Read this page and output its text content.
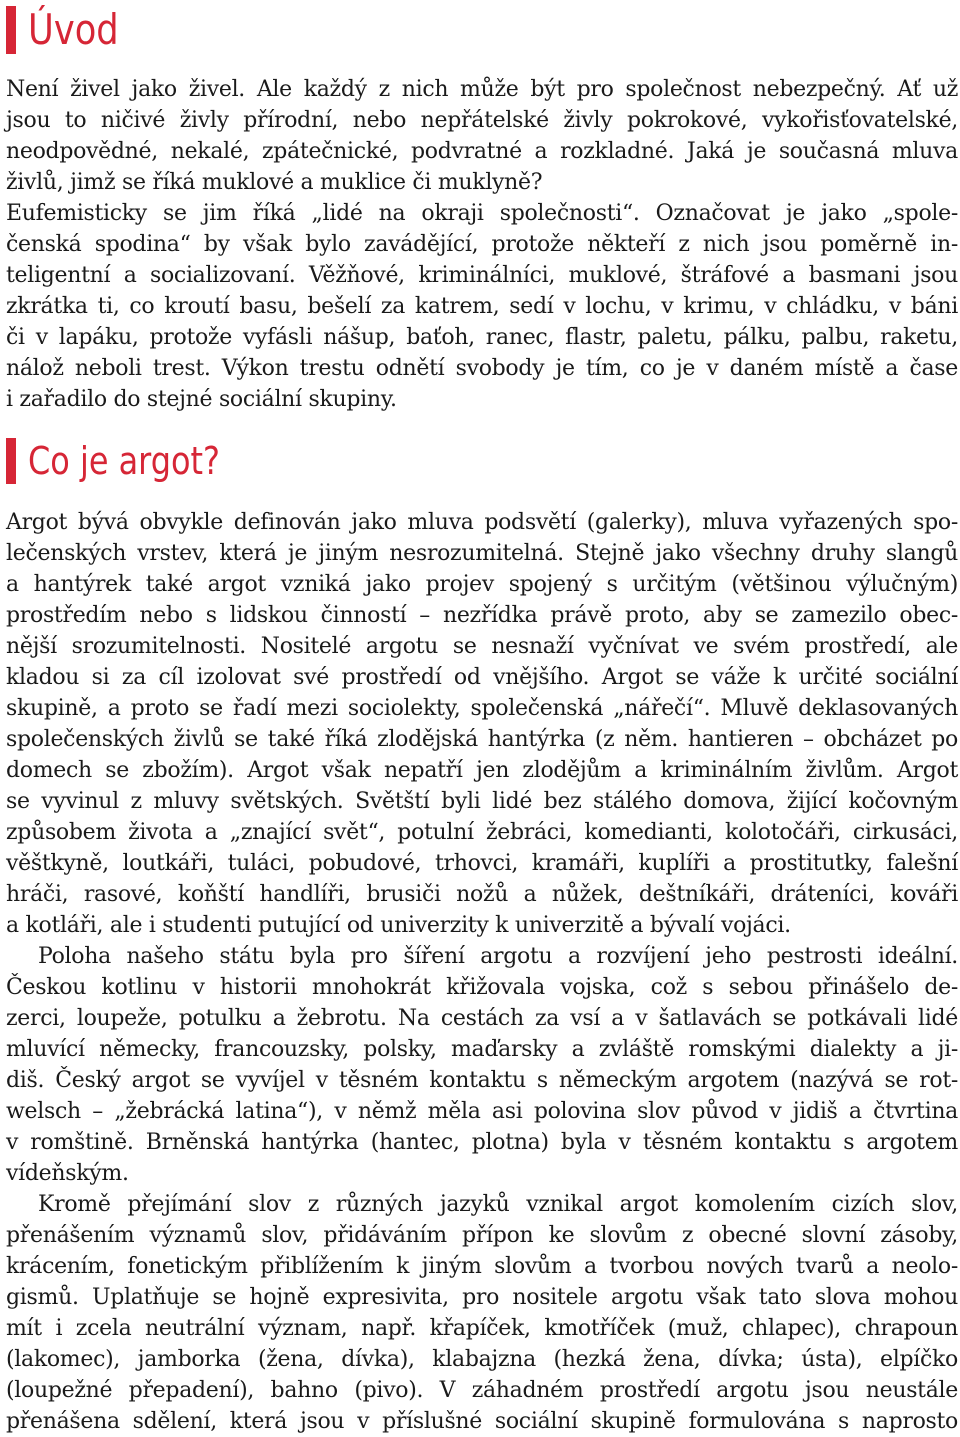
Úvod
Není živel jako živel. Ale každý z nich může být pro společnost nebezpečný. Ať už
jsou to ničivé živly přírodní, nebo nepřátelské živly pokrokové, vykořisťovatelské,
neodpovědné, nekalé, zpátečnické, podvratné a rozkladné. Jaká je současná mluva
živlů, jimž se říká muklové a muklice či muklyně?
Eufemisticky se jim říká „lidé na okraji společnosti“. Označovat je jako „spole-
čenská spodina“ by však bylo zavádějící, protože někteří z nich jsou poměrně in-
teligentní a socializovaní. Věžňové, kriminálníci, muklové, štráfové a basmani jsou
zkrátka ti, co kroutí basu, bešelí za katrem, sedí v lochu, v krimu, v chládku, v báni
či v lapáku, protože vyfásli nášup, baťoh, ranec, flastr, paletu, pálku, palbu, raketu,
nálož neboli trest. Výkon trestu odnětí svobody je tím, co je v daném místě a čase
i zařadilo do stejné sociální skupiny.
Co je argot?
Argot bývá obvykle definován jako mluva podsvětí (galerky), mluva vyřazených spo-
lečenských vrstev, která je jiným nesrozumitelná. Stejně jako všechny druhy slangů
a hantýrek také argot vzniká jako projev spojený s určitým (většinou výlučným)
prostředím nebo s lidskou činností – nezřídka právě proto, aby se zamezilo obec-
nější srozumitelnosti. Nositelé argotu se nesnaží vyčnívat ve svém prostředí, ale
kladou si za cíl izolovat své prostředí od vnějšího. Argot se váže k určité sociální
skupině, a proto se řadí mezi sociolekty, společenská „nářečí“. Mluvě deklasovaných
společenských živlů se také říká zlodějská hantýrka (z něm. hantieren – obcházet po
domech se zbožím). Argot však nepatří jen zlodějům a kriminálním živlům. Argot
se vyvinul z mluvy světských. Světští byli lidé bez stálého domova, žijící kočovným
způsobem života a „znající svět“, potulní žebráci, komedianti, kolotočáři, cirkusáci,
věštkyně, loutkáři, tuláci, pobudové, trhovci, kramáři, kuplíři a prostitutky, falešní
hráči, rasové, koňští handlíři, brusiči nožů a nůžek, deštníkáři, dráteníci, kováři
a kotláři, ale i studenti putující od univerzity k univerzitě a bývalí vojáci.
Poloha našeho státu byla pro šíření argotu a rozvíjení jeho pestrosti ideální.
Českou kotlinu v historii mnohokrát křižovala vojska, což s sebou přinášelo de-
zerci, loupeže, potulku a žebrotu. Na cestách za vsí a v šatlavách se potkávali lidé
mluvící německy, francouzsky, polsky, maďarsky a zvláště romskými dialekty a ji-
diš. Český argot se vyvíjel v těsném kontaktu s německým argotem (nazývá se rot-
welsch – „žebrácká latina“), v němž měla asi polovina slov původ v jidiš a čtvrtina
v romštině. Brněnská hantýrka (hantec, plotna) byla v těsném kontaktu s argotem
vídeňským.
Kromě přejímání slov z různých jazyků vznikal argot komolením cizích slov,
přenášením významů slov, přidáváním přípon ke slovům z obecné slovní zásoby,
krácením, fonetickým přiblížením k jiným slovům a tvorbou nových tvarů a neolo-
gismů. Uplatňuje se hojně expresivita, pro nositele argotu však tato slova mohou
mít i zcela neutrální význam, např. křapíček, kmotříček (muž, chlapec), chrapoun
(lakomec), jamborka (žena, dívka), klabajzna (hezká žena, dívka; ústa), elpíčko
(loupežné přepadení), bahno (pivo). V záhadném prostředí argotu jsou neustále
přenášena sdělení, která jsou v příslušné sociální skupině formulována s naprosto
